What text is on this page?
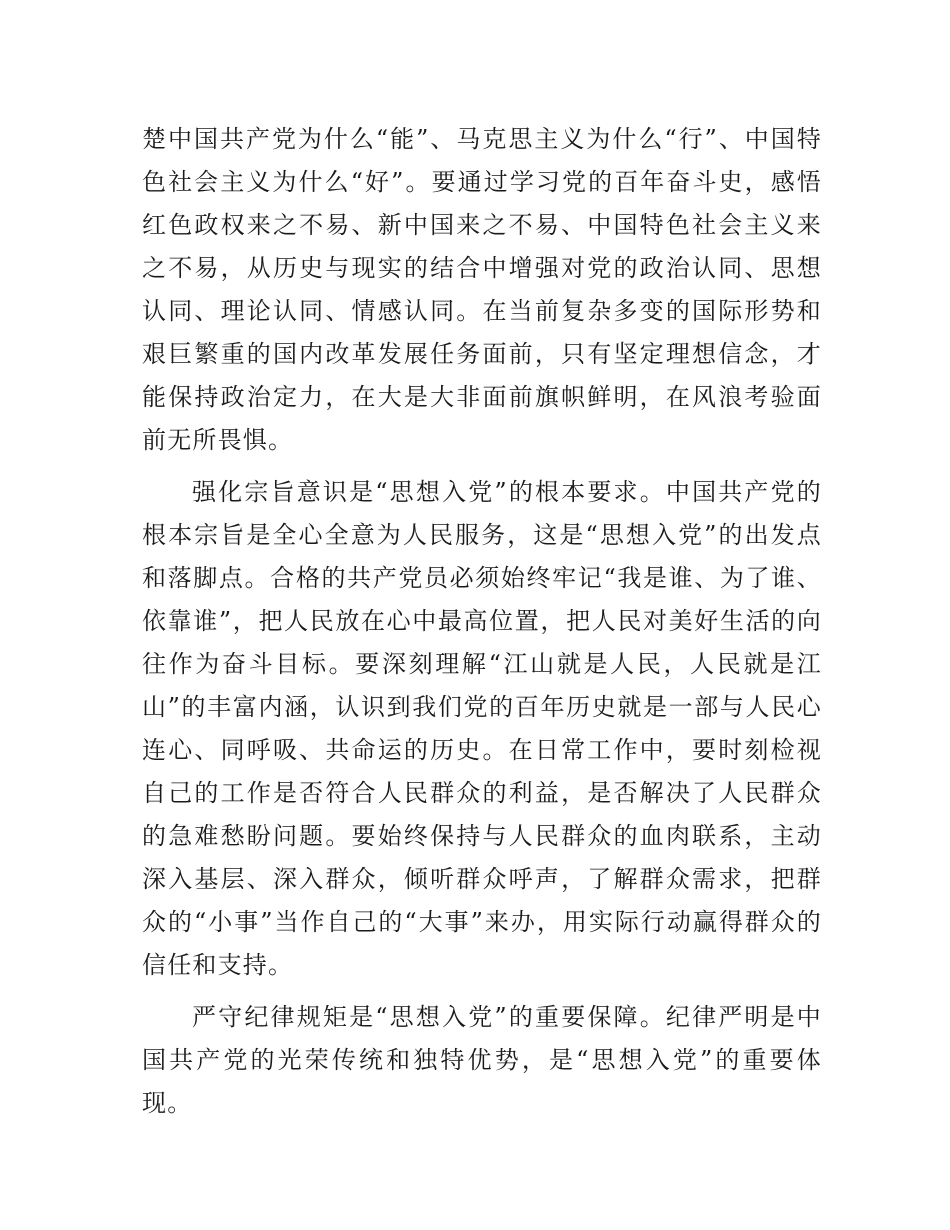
楚中国共产党为什么“能”、马克思主义为什么“行”、中国特色社会主义为什么“好”。要通过学习党的百年奋斗史，感悟红色政权来之不易、新中国来之不易、中国特色社会主义来之不易，从历史与现实的结合中增强对党的政治认同、思想认同、理论认同、情感认同。在当前复杂多变的国际形势和艰巨繁重的国内改革发展任务面前，只有坚定理想信念，才能保持政治定力，在大是大非面前旗帜鲜明，在风浪考验面前无所畏惧。

强化宗旨意识是“思想入党”的根本要求。中国共产党的根本宗旨是全心全意为人民服务，这是“思想入党”的出发点和落脚点。合格的共产党员必须始终牢记“我是谁、为了谁、依靠谁”，把人民放在心中最高位置，把人民对美好生活的向往作为奋斗目标。要深刻理解“江山就是人民，人民就是江山”的丰富内涵，认识到我们党的百年历史就是一部与人民心连心、同呼吸、共命运的历史。在日常工作中，要时刻检视自己的工作是否符合人民群众的利益，是否解决了人民群众的急难愁盼问题。要始终保持与人民群众的血肉联系，主动深入基层、深入群众，倾听群众呼声，了解群众需求，把群众的“小事”当作自己的“大事”来办，用实际行动赢得群众的信任和支持。

严守纪律规矩是“思想入党”的重要保障。纪律严明是中国共产党的光荣传统和独特优势，是“思想入党”的重要体现。
